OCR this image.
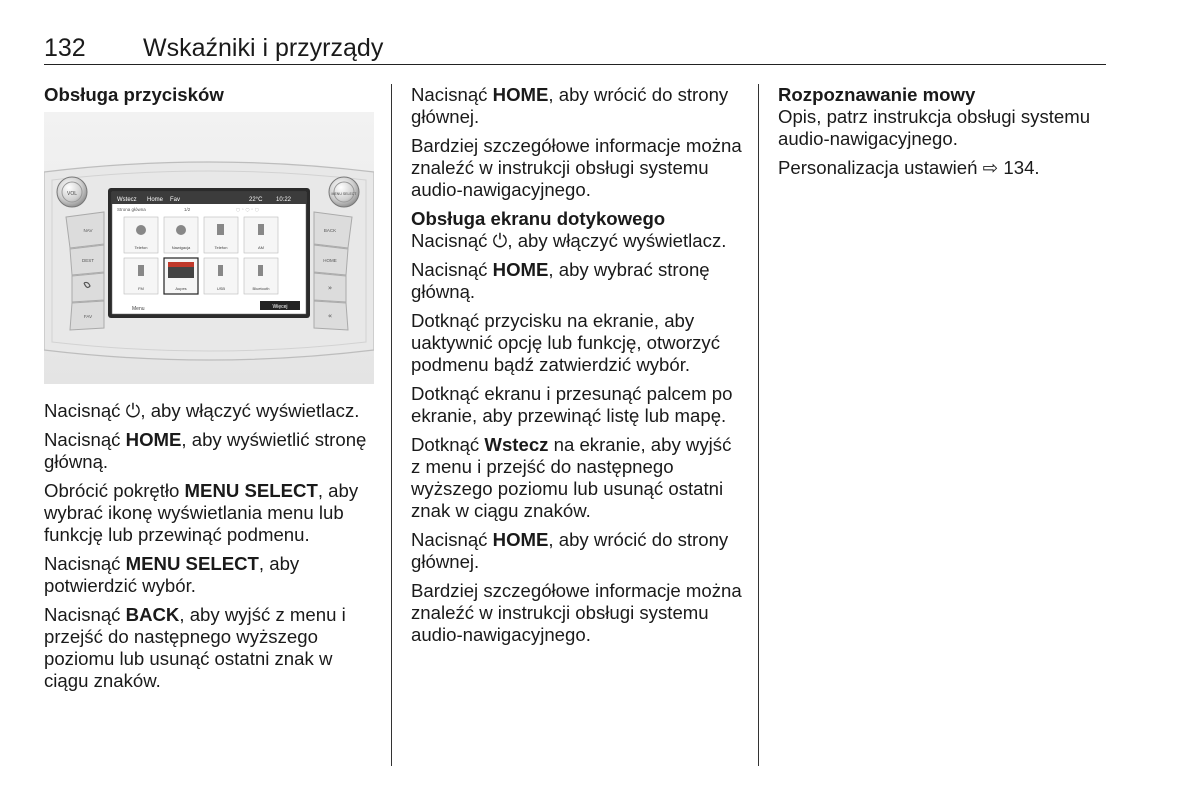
132 Wskaźniki i przyrządy

Obsługa przycisków

VOL	MENU SELECT
NAV
DEST
FAV
BACK
HOME
»
«
Wstecz Home Fav	22°C 10:22
Strona główna	1/2	◌ ◦ ◌ ◦ ◌
Telefon	Nawigacja	Telefon	AM
FM	Aupes	USB	Bluetooth
Menu	Więcej

Nacisnąć ⏻, aby włączyć wyświetlacz.

Nacisnąć HOME, aby wyświetlić stronę główną.

Obrócić pokrętło MENU SELECT, aby wybrać ikonę wyświetlania menu lub funkcję lub przewinąć podmenu.

Nacisnąć MENU SELECT, aby potwierdzić wybór.

Nacisnąć BACK, aby wyjść z menu i przejść do następnego wyższego poziomu lub usunąć ostatni znak w ciągu znaków.

Nacisnąć HOME, aby wrócić do strony głównej.

Bardziej szczegółowe informacje można znaleźć w instrukcji obsługi systemu audio-nawigacyjnego.

Obsługa ekranu dotykowego

Nacisnąć ⏻, aby włączyć wyświetlacz.

Nacisnąć HOME, aby wybrać stronę główną.

Dotknąć przycisku na ekranie, aby uaktywnić opcję lub funkcję, otworzyć podmenu bądź zatwierdzić wybór.

Dotknąć ekranu i przesunąć palcem po ekranie, aby przewinąć listę lub mapę.

Dotknąć Wstecz na ekranie, aby wyjść z menu i przejść do następnego wyższego poziomu lub usunąć ostatni znak w ciągu znaków.

Nacisnąć HOME, aby wrócić do strony głównej.

Bardziej szczegółowe informacje można znaleźć w instrukcji obsługi systemu audio-nawigacyjnego.

Rozpoznawanie mowy

Opis, patrz instrukcja obsługi systemu audio-nawigacyjnego.

Personalizacja ustawień ⇨ 134.
